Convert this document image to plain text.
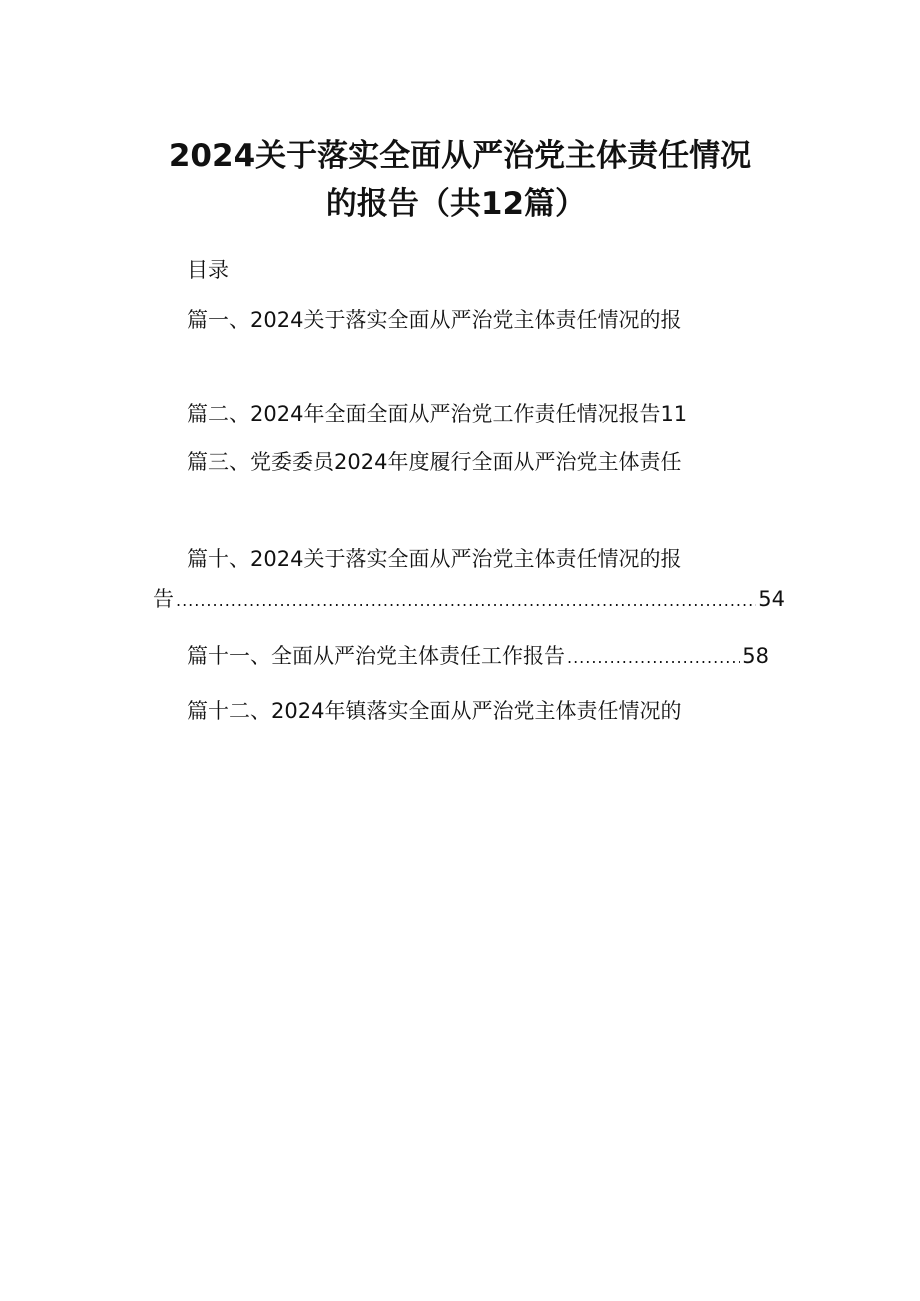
2024关于落实全面从严治党主体责任情况
的报告（共12篇）
目录
篇一、2024关于落实全面从严治党主体责任情况的报
篇二、2024年全面全面从严治党工作责任情况报告11
篇三、党委委员2024年度履行全面从严治党主体责任
篇十、2024关于落实全面从严治党主体责任情况的报
告 .....	54
篇十一、全面从严治党主体责任工作报告 .....	58
篇十二、2024年镇落实全面从严治党主体责任情况的
